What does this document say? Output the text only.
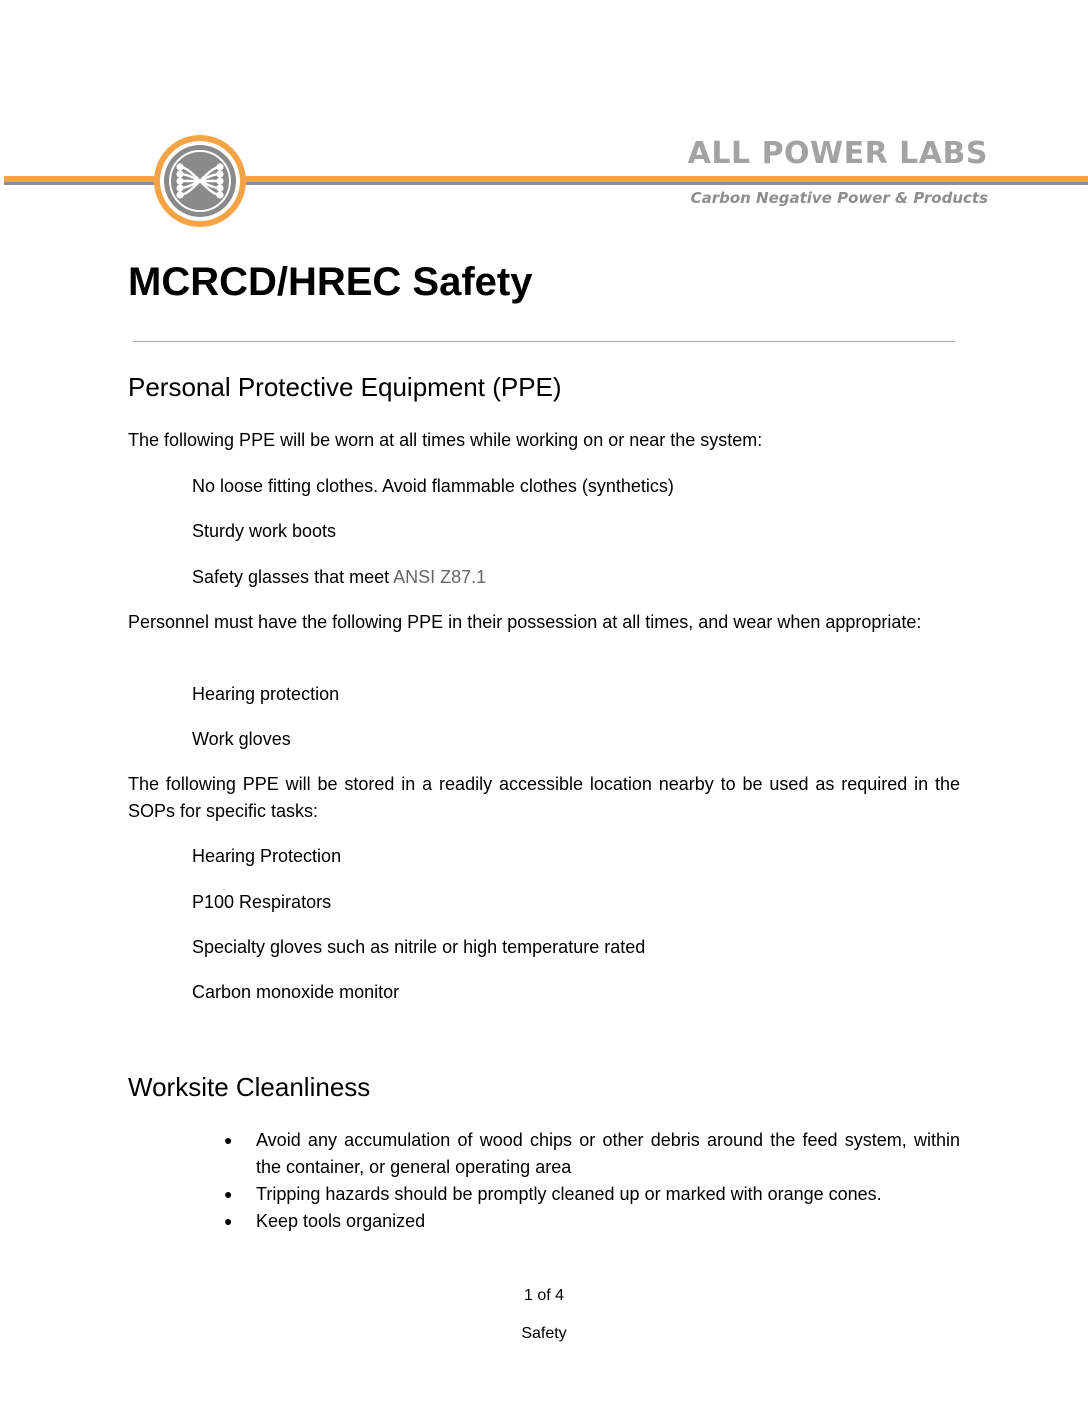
ALL POWER LABS
Carbon Negative Power & Products
MCRCD/HREC Safety
Personal Protective Equipment (PPE)
The following PPE will be worn at all times while working on or near the system:
No loose fitting clothes. Avoid flammable clothes (synthetics)
Sturdy work boots
Safety glasses that meet ANSI Z87.1
Personnel must have the following PPE in their possession at all times, and wear when appropriate:
Hearing protection
Work gloves
The following PPE will be stored in a readily accessible location nearby to be used as required in the SOPs for specific tasks:
Hearing Protection
P100 Respirators
Specialty gloves such as nitrile or high temperature rated
Carbon monoxide monitor
Worksite Cleanliness
● Avoid any accumulation of wood chips or other debris around the feed system, within the container, or general operating area
● Tripping hazards should be promptly cleaned up or marked with orange cones.
● Keep tools organized
1 of 4
Safety
